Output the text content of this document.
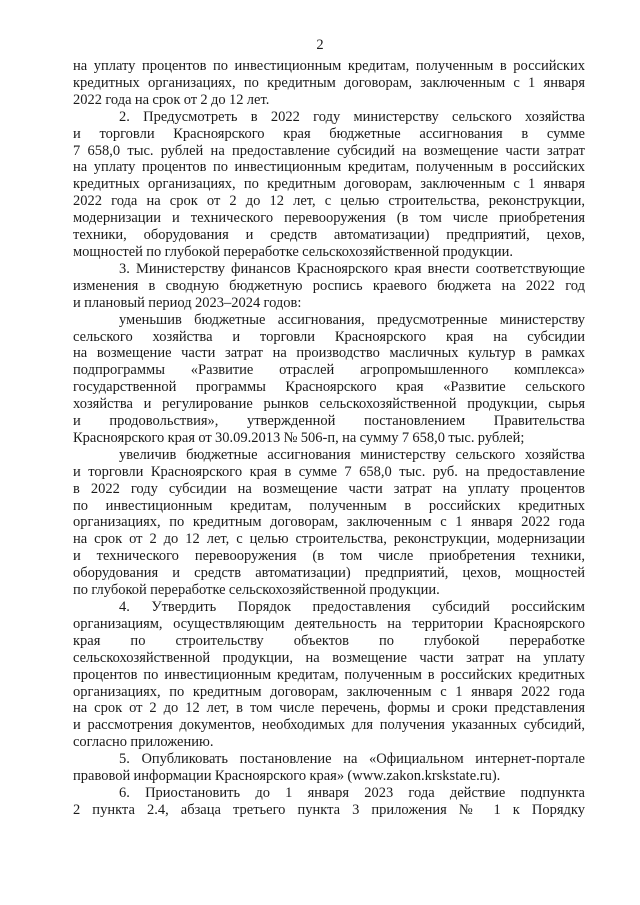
2
на уплату процентов по инвестиционным кредитам, полученным в российских
кредитных организациях, по кредитным договорам, заключенным с 1 января
2022 года на срок от 2 до 12 лет.
2. Предусмотреть в 2022 году министерству сельского хозяйства
и торговли Красноярского края бюджетные ассигнования в сумме
7 658,0 тыс. рублей на предоставление субсидий на возмещение части затрат
на уплату процентов по инвестиционным кредитам, полученным в российских
кредитных организациях, по кредитным договорам, заключенным с 1 января
2022 года на срок от 2 до 12 лет, с целью строительства, реконструкции,
модернизации и технического перевооружения (в том числе приобретения
техники, оборудования и средств автоматизации) предприятий, цехов,
мощностей по глубокой переработке сельскохозяйственной продукции.
3. Министерству финансов Красноярского края внести соответствующие
изменения в сводную бюджетную роспись краевого бюджета на 2022 год
и плановый период 2023–2024 годов:
уменьшив бюджетные ассигнования, предусмотренные министерству
сельского хозяйства и торговли Красноярского края на субсидии
на возмещение части затрат на производство масличных культур в рамках
подпрограммы «Развитие отраслей агропромышленного комплекса»
государственной программы Красноярского края «Развитие сельского
хозяйства и регулирование рынков сельскохозяйственной продукции, сырья
и продовольствия», утвержденной постановлением Правительства
Красноярского края от 30.09.2013 № 506-п, на сумму 7 658,0 тыс. рублей;
увеличив бюджетные ассигнования министерству сельского хозяйства
и торговли Красноярского края в сумме 7 658,0 тыс. руб. на предоставление
в 2022 году субсидии на возмещение части затрат на уплату процентов
по инвестиционным кредитам, полученным в российских кредитных
организациях, по кредитным договорам, заключенным с 1 января 2022 года
на срок от 2 до 12 лет, с целью строительства, реконструкции, модернизации
и технического перевооружения (в том числе приобретения техники,
оборудования и средств автоматизации) предприятий, цехов, мощностей
по глубокой переработке сельскохозяйственной продукции.
4. Утвердить Порядок предоставления субсидий российским
организациям, осуществляющим деятельность на территории Красноярского
края по строительству объектов по глубокой переработке
сельскохозяйственной продукции, на возмещение части затрат на уплату
процентов по инвестиционным кредитам, полученным в российских кредитных
организациях, по кредитным договорам, заключенным с 1 января 2022 года
на срок от 2 до 12 лет, в том числе перечень, формы и сроки представления
и рассмотрения документов, необходимых для получения указанных субсидий,
согласно приложению.
5. Опубликовать постановление на «Официальном интернет-портале
правовой информации Красноярского края» (www.zakon.krskstate.ru).
6. Приостановить до 1 января 2023 года действие подпункта
2 пункта 2.4, абзаца третьего пункта 3 приложения № 1 к Порядку
